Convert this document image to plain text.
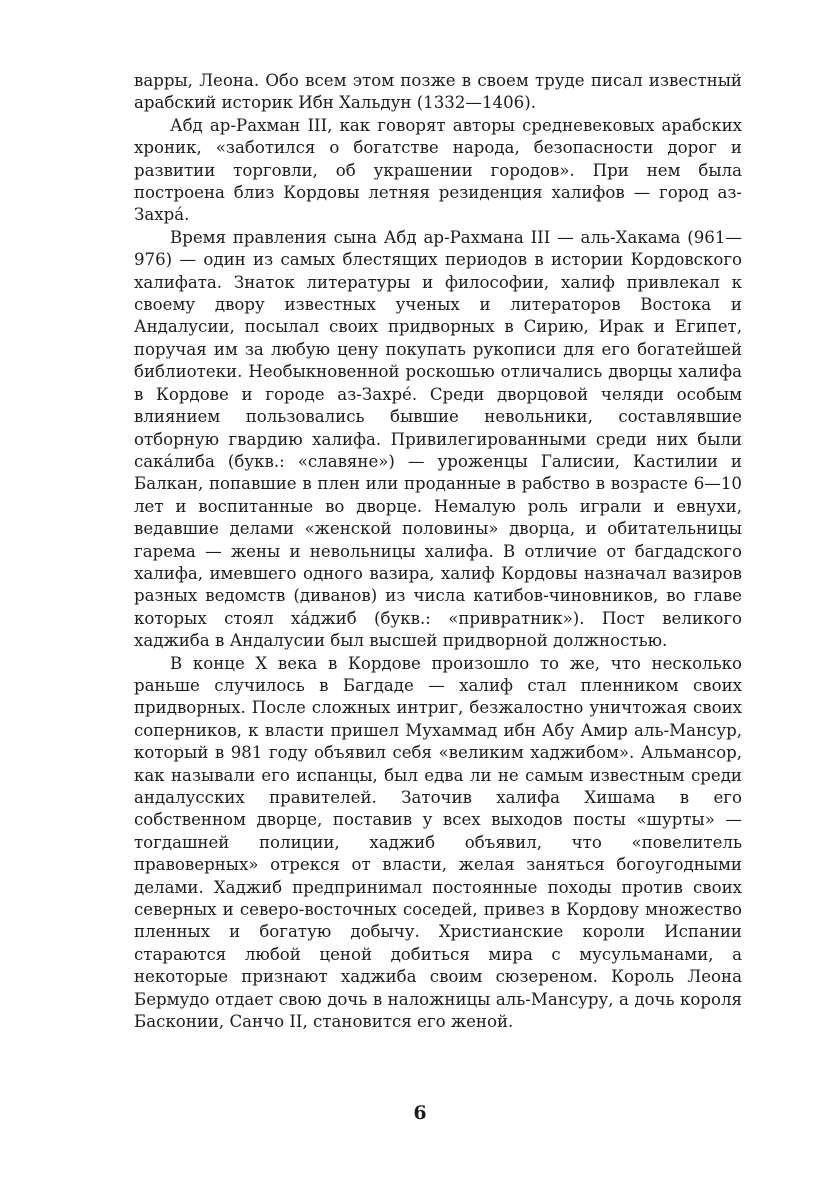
варры, Леона. Обо всем этом позже в своем труде писал известный арабский историк Ибн Хальдун (1332—1406).

Абд ар-Рахман III, как говорят авторы средневековых арабских хроник, «заботился о богатстве народа, безопасности дорог и развитии торговли, об украшении городов». При нем была построена близ Кордовы летняя резиденция халифов — город аз-Захра́.

Время правления сына Абд ар-Рахмана III — аль-Хакама (961—976) — один из самых блестящих периодов в истории Кордовского халифата. Знаток литературы и философии, халиф привлекал к своему двору известных ученых и литераторов Востока и Андалусии, посылал своих придворных в Сирию, Ирак и Египет, поручая им за любую цену покупать рукописи для его богатейшей библиотеки. Необыкновенной роскошью отличались дворцы халифа в Кордове и городе аз-Захре́. Среди дворцовой челяди особым влиянием пользовались бывшие невольники, составлявшие отборную гвардию халифа. Привилегированными среди них были сака́либа (букв.: «славяне») — уроженцы Галисии, Кастилии и Балкан, попавшие в плен или проданные в рабство в возрасте 6—10 лет и воспитанные во дворце. Немалую роль играли и евнухи, ведавшие делами «женской половины» дворца, и обитательницы гарема — жены и невольницы халифа. В отличие от багдадского халифа, имевшего одного вазира, халиф Кордовы назначал вазиров разных ведомств (диванов) из числа катибов-чиновников, во главе которых стоял ха́джиб (букв.: «привратник»). Пост великого хаджиба в Андалусии был высшей придворной должностью.

В конце X века в Кордове произошло то же, что несколько раньше случилось в Багдаде — халиф стал пленником своих придворных. После сложных интриг, безжалостно уничтожая своих соперников, к власти пришел Мухаммад ибн Абу Амир аль-Мансур, который в 981 году объявил себя «великим хаджибом». Альмансор, как называли его испанцы, был едва ли не самым известным среди андалусских правителей. Заточив халифа Хишама в его собственном дворце, поставив у всех выходов посты «шурты» — тогдашней полиции, хаджиб объявил, что «повелитель правоверных» отрекся от власти, желая заняться богоугодными делами. Хаджиб предпринимал постоянные походы против своих северных и северо-восточных соседей, привез в Кордову множество пленных и богатую добычу. Христианские короли Испании стараются любой ценой добиться мира с мусульманами, а некоторые признают хаджиба своим сюзереном. Король Леона Бермудо отдает свою дочь в наложницы аль-Мансуру, а дочь короля Басконии, Санчо II, становится его женой.

6
